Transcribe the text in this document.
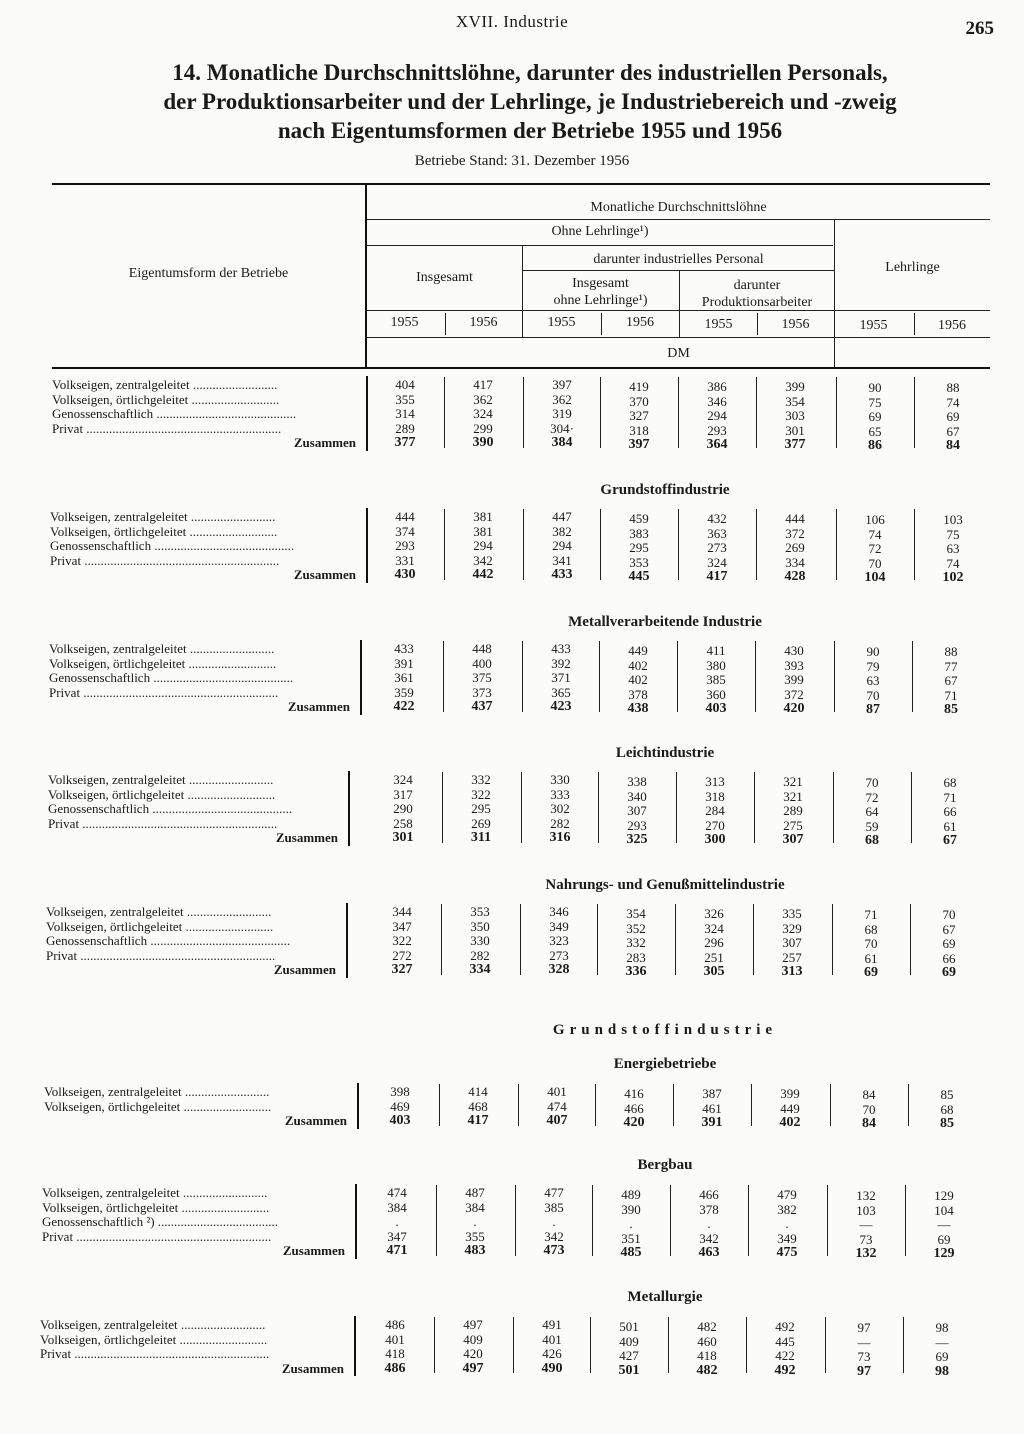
XVII. Industrie	265
14. Monatliche Durchschnittslöhne, darunter des industriellen Personals,
der Produktionsarbeiter und der Lehrlinge, je Industriebereich und -zweig
nach Eigentumsformen der Betriebe 1955 und 1956
Betriebe Stand: 31. Dezember 1956
Eigentumsform der Betriebe
Monatliche Durchschnittslöhne
Ohne Lehrlinge¹)
Insgesamt
darunter industrielles Personal
Insgesamt
ohne Lehrlinge¹)
darunter
Produktionsarbeiter
Lehrlinge
1955	1956	1955	1956	1955	1956	1955	1956
DM
Volkseigen, zentralgeleitet ..........................	404	417	397	419	386	399	90	88
Volkseigen, örtlichgeleitet ...........................	355	362	362	370	346	354	75	74
Genossenschaftlich ...........................................	314	324	319	327	294	303	69	69
Privat ............................................................	289	299	304·	318	293	301	65	67
Zusammen	377	390	384	397	364	377	86	84
Grundstoffindustrie
Volkseigen, zentralgeleitet ..........................	444	381	447	459	432	444	106	103
Volkseigen, örtlichgeleitet ...........................	374	381	382	383	363	372	74	75
Genossenschaftlich ...........................................	293	294	294	295	273	269	72	63
Privat ............................................................	331	342	341	353	324	334	70	74
Zusammen	430	442	433	445	417	428	104	102
Metallverarbeitende Industrie
Volkseigen, zentralgeleitet ..........................	433	448	433	449	411	430	90	88
Volkseigen, örtlichgeleitet ...........................	391	400	392	402	380	393	79	77
Genossenschaftlich ...........................................	361	375	371	402	385	399	63	67
Privat ............................................................	359	373	365	378	360	372	70	71
Zusammen	422	437	423	438	403	420	87	85
Leichtindustrie
Volkseigen, zentralgeleitet ..........................	324	332	330	338	313	321	70	68
Volkseigen, örtlichgeleitet ...........................	317	322	333	340	318	321	72	71
Genossenschaftlich ...........................................	290	295	302	307	284	289	64	66
Privat ............................................................	258	269	282	293	270	275	59	61
Zusammen	301	311	316	325	300	307	68	67
Nahrungs- und Genußmittelindustrie
Volkseigen, zentralgeleitet ..........................	344	353	346	354	326	335	71	70
Volkseigen, örtlichgeleitet ...........................	347	350	349	352	324	329	68	67
Genossenschaftlich ...........................................	322	330	323	332	296	307	70	69
Privat ............................................................	272	282	273	283	251	257	61	66
Zusammen	327	334	328	336	305	313	69	69
Grundstoffindustrie
Energiebetriebe
Volkseigen, zentralgeleitet ..........................	398	414	401	416	387	399	84	85
Volkseigen, örtlichgeleitet ...........................	469	468	474	466	461	449	70	68
Zusammen	403	417	407	420	391	402	84	85
Bergbau
Volkseigen, zentralgeleitet ..........................	474	487	477	489	466	479	132	129
Volkseigen, örtlichgeleitet ...........................	384	384	385	390	378	382	103	104
Genossenschaftlich ²) .....................................	.	.	.	.	.	.	—	—
Privat ............................................................	347	355	342	351	342	349	73	69
Zusammen	471	483	473	485	463	475	132	129
Metallurgie
Volkseigen, zentralgeleitet ..........................	486	497	491	501	482	492	97	98
Volkseigen, örtlichgeleitet ...........................	401	409	401	409	460	445	—	—
Privat ............................................................	418	420	426	427	418	422	73	69
Zusammen	486	497	490	501	482	492	97	98
